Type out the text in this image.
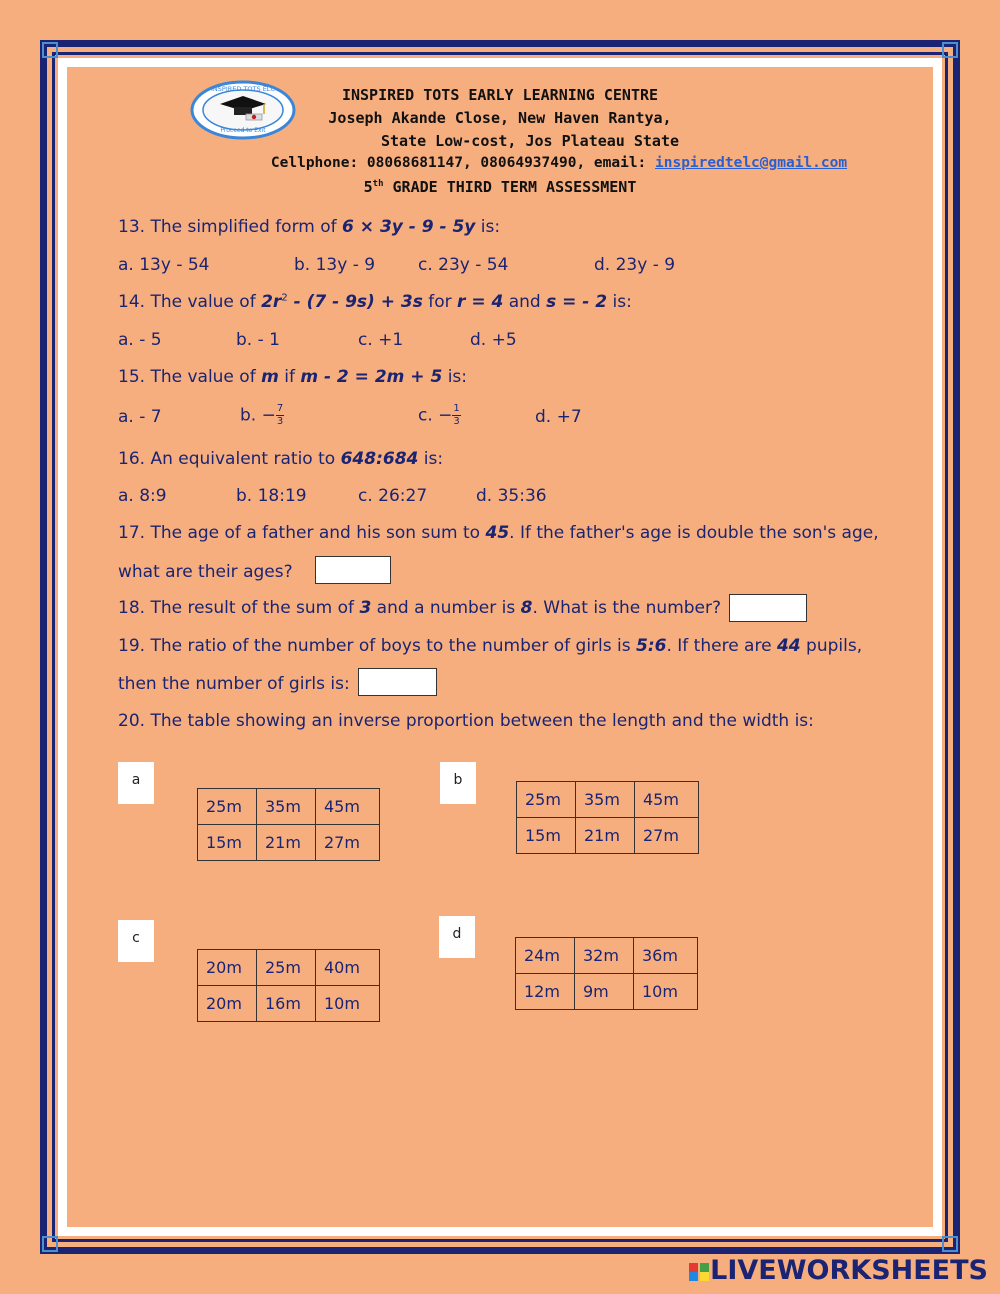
INSPIRED TOTS ELC
Proceed to Exit
INSPIRED TOTS EARLY LEARNING CENTRE
Joseph Akande Close, New Haven Rantya,
State Low-cost, Jos Plateau State
Cellphone: 08068681147, 08064937490, email: inspiredtelc@gmail.com
5th GRADE THIRD TERM ASSESSMENT
13. The simplified form of 6 × 3y - 9 - 5y is:
a. 13y - 54	b. 13y - 9	c. 23y - 54	d. 23y - 9
14. The value of $2r^2 - (7 - 9s) + 3s$ for r = 4 and s = - 2 is:
a. - 5	b. - 1	c. +1	d. +5
15. The value of m if m - 2 = 2m + 5 is:
a. - 7	b. − $\frac{7}{3}$	c. − $\frac{1}{3}$	d. +7
16. An equivalent ratio to 648:684 is:
a. 8:9	b. 18:19	c. 26:27	d. 35:36
17. The age of a father and his son sum to 45. If the father's age is double the son's age,
what are their ages?
18. The result of the sum of 3 and a number is 8. What is the number?
19. The ratio of the number of boys to the number of girls is 5:6. If there are 44 pupils,
then the number of girls is:
20. The table showing an inverse proportion between the length and the width is:
a	b
c	d
25m	35m	45m
15m	21m	27m
25m	35m	45m
15m	21m	27m
20m	25m	40m
20m	16m	10m
24m	32m	36m
12m	9m	10m

LIVEWORKSHEETS
